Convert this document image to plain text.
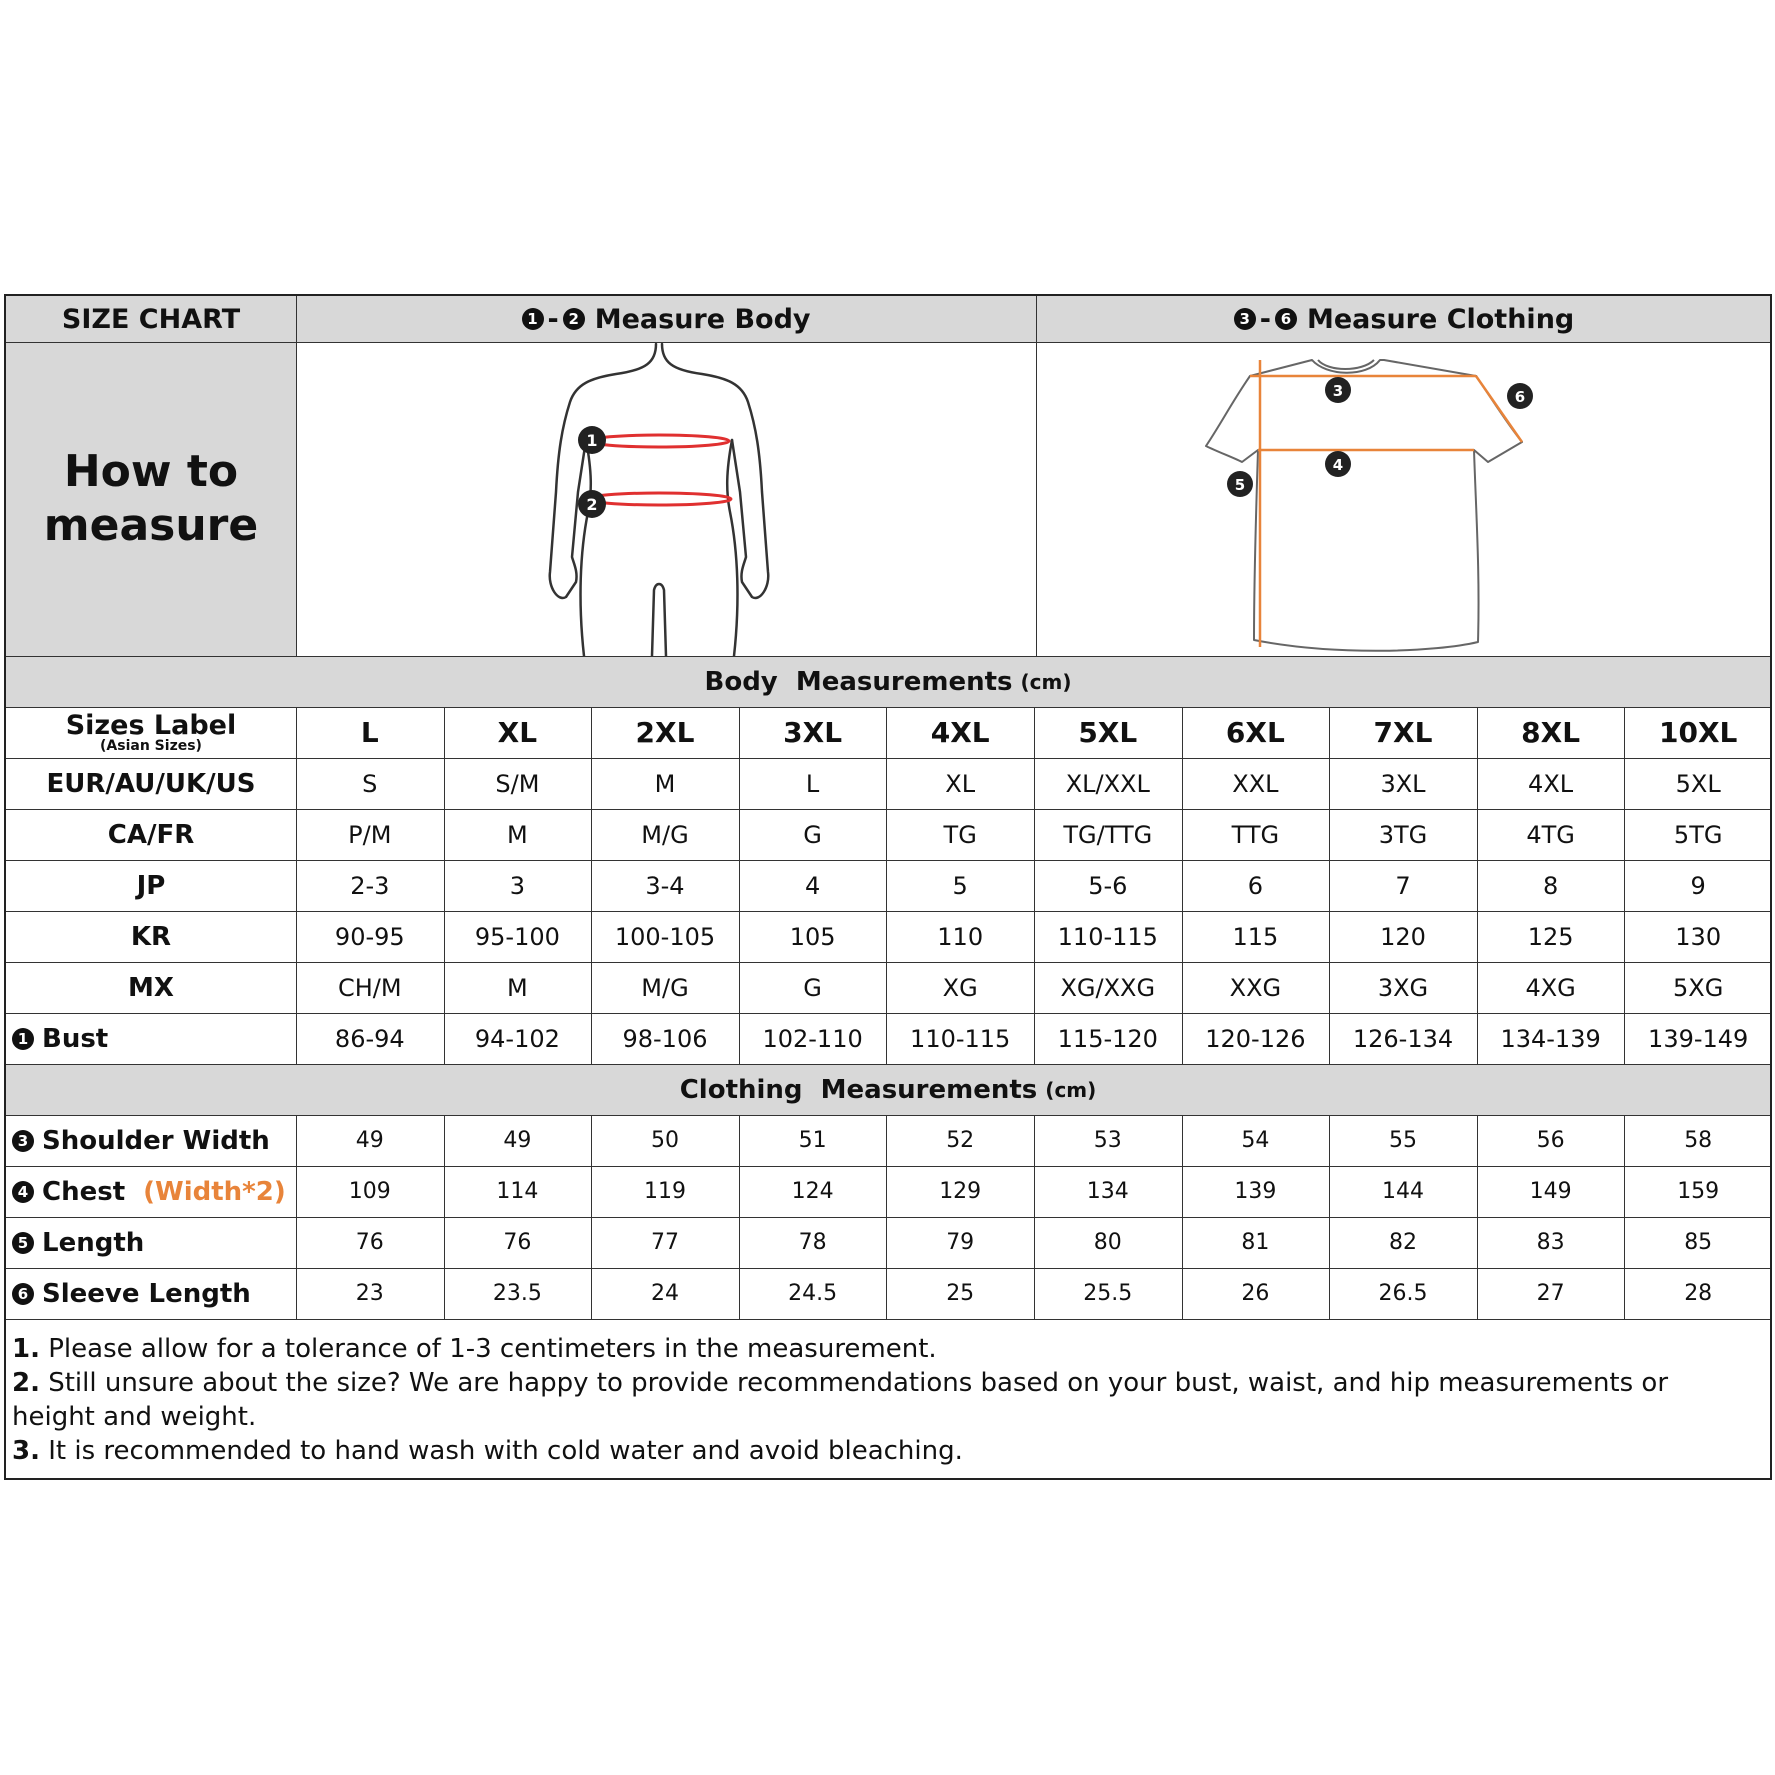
SIZE CHART	1 - 2 Measure Body	3 - 6 Measure Clothing
How to
measure
1
2
3
4
5
6
Body  Measurements (cm)
Clothing  Measurements (cm)
Sizes Label
(Asian Sizes)	L	XL	2XL	3XL	4XL	5XL	6XL	7XL	8XL	10XL
EUR/AU/UK/US	S	S/M	M	L	XL	XL/XXL	XXL	3XL	4XL	5XL
CA/FR	P/M	M	M/G	G	TG	TG/TTG	TTG	3TG	4TG	5TG
JP	2-3	3	3-4	4	5	5-6	6	7	8	9
KR	90-95	95-100	100-105	105	110	110-115	115	120	125	130
MX	CH/M	M	M/G	G	XG	XG/XXG	XXG	3XG	4XG	5XG
1 Bust	86-94	94-102	98-106	102-110	110-115	115-120	120-126	126-134	134-139	139-149
3 Shoulder Width	49	49	50	51	52	53	54	55	56	58
4 Chest (Width*2)	109	114	119	124	129	134	139	144	149	159
5 Length	76	76	77	78	79	80	81	82	83	85
6 Sleeve Length	23	23.5	24	24.5	25	25.5	26	26.5	27	28
1. Please allow for a tolerance of 1-3 centimeters in the measurement.
2. Still unsure about the size? We are happy to provide recommendations based on your bust, waist, and hip measurements or height and weight.
3. It is recommended to hand wash with cold water and avoid bleaching.
